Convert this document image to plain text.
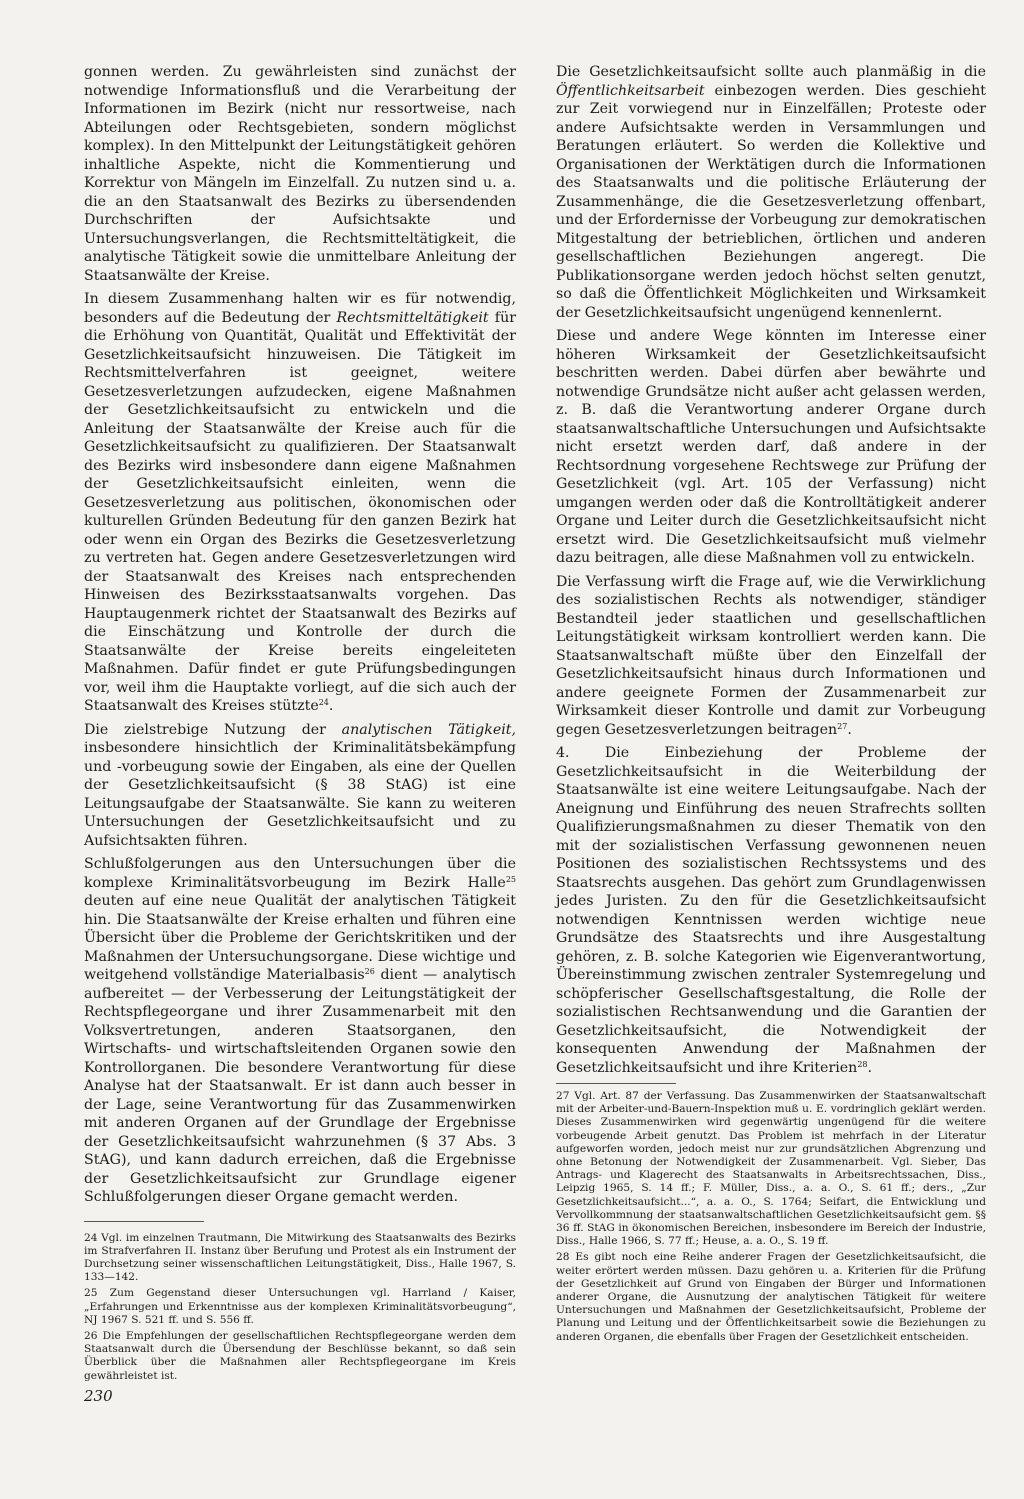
gonnen werden. Zu gewährleisten sind zunächst der notwendige Informationsfluß und die Verarbeitung der Informationen im Bezirk (nicht nur ressortweise, nach Abteilungen oder Rechtsgebieten, sondern möglichst komplex). In den Mittelpunkt der Leitungstätigkeit gehören inhaltliche Aspekte, nicht die Kommentierung und Korrektur von Mängeln im Einzelfall. Zu nutzen sind u. a. die an den Staatsanwalt des Bezirks zu übersendenden Durchschriften der Aufsichtsakte und Untersuchungsverlangen, die Rechtsmitteltätigkeit, die analytische Tätigkeit sowie die unmittelbare Anleitung der Staatsanwälte der Kreise.

In diesem Zusammenhang halten wir es für notwendig, besonders auf die Bedeutung der Rechtsmitteltätigkeit für die Erhöhung von Quantität, Qualität und Effektivität der Gesetzlichkeitsaufsicht hinzuweisen. Die Tätigkeit im Rechtsmittelverfahren ist geeignet, weitere Gesetzesverletzungen aufzudecken, eigene Maßnahmen der Gesetzlichkeitsaufsicht zu entwickeln und die Anleitung der Staatsanwälte der Kreise auch für die Gesetzlichkeitsaufsicht zu qualifizieren. Der Staatsanwalt des Bezirks wird insbesondere dann eigene Maßnahmen der Gesetzlichkeitsaufsicht einleiten, wenn die Gesetzesverletzung aus politischen, ökonomischen oder kulturellen Gründen Bedeutung für den ganzen Bezirk hat oder wenn ein Organ des Bezirks die Gesetzesverletzung zu vertreten hat. Gegen andere Gesetzesverletzungen wird der Staatsanwalt des Kreises nach entsprechenden Hinweisen des Bezirksstaatsanwalts vorgehen. Das Hauptaugenmerk richtet der Staatsanwalt des Bezirks auf die Einschätzung und Kontrolle der durch die Staatsanwälte der Kreise bereits eingeleiteten Maßnahmen. Dafür findet er gute Prüfungsbedingungen vor, weil ihm die Hauptakte vorliegt, auf die sich auch der Staatsanwalt des Kreises stützte$^{24}$.

Die zielstrebige Nutzung der analytischen Tätigkeit, insbesondere hinsichtlich der Kriminalitätsbekämpfung und -vorbeugung sowie der Eingaben, als eine der Quellen der Gesetzlichkeitsaufsicht (§ 38 StAG) ist eine Leitungsaufgabe der Staatsanwälte. Sie kann zu weiteren Untersuchungen der Gesetzlichkeitsaufsicht und zu Aufsichtsakten führen.

Schlußfolgerungen aus den Untersuchungen über die komplexe Kriminalitätsvorbeugung im Bezirk Halle$^{25}$ deuten auf eine neue Qualität der analytischen Tätigkeit hin. Die Staatsanwälte der Kreise erhalten und führen eine Übersicht über die Probleme der Gerichtskritiken und der Maßnahmen der Untersuchungsorgane. Diese wichtige und weitgehend vollständige Materialbasis$^{26}$ dient — analytisch aufbereitet — der Verbesserung der Leitungstätigkeit der Rechtspflegeorgane und ihrer Zusammenarbeit mit den Volksvertretungen, anderen Staatsorganen, den Wirtschafts- und wirtschaftsleitenden Organen sowie den Kontrollorganen. Die besondere Verantwortung für diese Analyse hat der Staatsanwalt. Er ist dann auch besser in der Lage, seine Verantwortung für das Zusammenwirken mit anderen Organen auf der Grundlage der Ergebnisse der Gesetzlichkeitsaufsicht wahrzunehmen (§ 37 Abs. 3 StAG), und kann dadurch erreichen, daß die Ergebnisse der Gesetzlichkeitsaufsicht zur Grundlage eigener Schlußfolgerungen dieser Organe gemacht werden.

24 Vgl. im einzelnen Trautmann, Die Mitwirkung des Staatsanwalts des Bezirks im Strafverfahren II. Instanz über Berufung und Protest als ein Instrument der Durchsetzung seiner wissenschaftlichen Leitungstätigkeit, Diss., Halle 1967, S. 133—142.

25 Zum Gegenstand dieser Untersuchungen vgl. Harrland / Kaiser, „Erfahrungen und Erkenntnisse aus der komplexen Kriminalitätsvorbeugung“, NJ 1967 S. 521 ff. und S. 556 ff.

26 Die Empfehlungen der gesellschaftlichen Rechtspflegeorgane werden dem Staatsanwalt durch die Übersendung der Beschlüsse bekannt, so daß sein Überblick über die Maßnahmen aller Rechtspflegeorgane im Kreis gewährleistet ist.

Die Gesetzlichkeitsaufsicht sollte auch planmäßig in die Öffentlichkeitsarbeit einbezogen werden. Dies geschieht zur Zeit vorwiegend nur in Einzelfällen; Proteste oder andere Aufsichtsakte werden in Versammlungen und Beratungen erläutert. So werden die Kollektive und Organisationen der Werktätigen durch die Informationen des Staatsanwalts und die politische Erläuterung der Zusammenhänge, die die Gesetzesverletzung offenbart, und der Erfordernisse der Vorbeugung zur demokratischen Mitgestaltung der betrieblichen, örtlichen und anderen gesellschaftlichen Beziehungen angeregt. Die Publikationsorgane werden jedoch höchst selten genutzt, so daß die Öffentlichkeit Möglichkeiten und Wirksamkeit der Gesetzlichkeitsaufsicht ungenügend kennenlernt.

Diese und andere Wege könnten im Interesse einer höheren Wirksamkeit der Gesetzlichkeitsaufsicht beschritten werden. Dabei dürfen aber bewährte und notwendige Grundsätze nicht außer acht gelassen werden, z. B. daß die Verantwortung anderer Organe durch staatsanwaltschaftliche Untersuchungen und Aufsichtsakte nicht ersetzt werden darf, daß andere in der Rechtsordnung vorgesehene Rechtswege zur Prüfung der Gesetzlichkeit (vgl. Art. 105 der Verfassung) nicht umgangen werden oder daß die Kontrolltätigkeit anderer Organe und Leiter durch die Gesetzlichkeitsaufsicht nicht ersetzt wird. Die Gesetzlichkeitsaufsicht muß vielmehr dazu beitragen, alle diese Maßnahmen voll zu entwickeln.

Die Verfassung wirft die Frage auf, wie die Verwirklichung des sozialistischen Rechts als notwendiger, ständiger Bestandteil jeder staatlichen und gesellschaftlichen Leitungstätigkeit wirksam kontrolliert werden kann. Die Staatsanwaltschaft müßte über den Einzelfall der Gesetzlichkeitsaufsicht hinaus durch Informationen und andere geeignete Formen der Zusammenarbeit zur Wirksamkeit dieser Kontrolle und damit zur Vorbeugung gegen Gesetzesverletzungen beitragen$^{27}$.

4. Die Einbeziehung der Probleme der Gesetzlichkeitsaufsicht in die Weiterbildung der Staatsanwälte ist eine weitere Leitungsaufgabe. Nach der Aneignung und Einführung des neuen Strafrechts sollten Qualifizierungsmaßnahmen zu dieser Thematik von den mit der sozialistischen Verfassung gewonnenen neuen Positionen des sozialistischen Rechtssystems und des Staatsrechts ausgehen. Das gehört zum Grundlagenwissen jedes Juristen. Zu den für die Gesetzlichkeitsaufsicht notwendigen Kenntnissen werden wichtige neue Grundsätze des Staatsrechts und ihre Ausgestaltung gehören, z. B. solche Kategorien wie Eigenverantwortung, Übereinstimmung zwischen zentraler Systemregelung und schöpferischer Gesellschaftsgestaltung, die Rolle der sozialistischen Rechtsanwendung und die Garantien der Gesetzlichkeitsaufsicht, die Notwendigkeit der konsequenten Anwendung der Maßnahmen der Gesetzlichkeitsaufsicht und ihre Kriterien$^{28}$.

27 Vgl. Art. 87 der Verfassung. Das Zusammenwirken der Staatsanwaltschaft mit der Arbeiter-und-Bauern-Inspektion muß u. E. vordringlich geklärt werden. Dieses Zusammenwirken wird gegenwärtig ungenügend für die weitere vorbeugende Arbeit genutzt. Das Problem ist mehrfach in der Literatur aufgeworfen worden, jedoch meist nur zur grundsätzlichen Abgrenzung und ohne Betonung der Notwendigkeit der Zusammenarbeit. Vgl. Sieber, Das Antrags- und Klagerecht des Staatsanwalts in Arbeitsrechtssachen, Diss., Leipzig 1965, S. 14 ff.; F. Müller, Diss., a. a. O., S. 61 ff.; ders., „Zur Gesetzlichkeitsaufsicht...“, a. a. O., S. 1764; Seifart, die Entwicklung und Vervollkommnung der staatsanwaltschaftlichen Gesetzlichkeitsaufsicht gem. §§ 36 ff. StAG in ökonomischen Bereichen, insbesondere im Bereich der Industrie, Diss., Halle 1966, S. 77 ff.; Heuse, a. a. O., S. 19 ff.

28 Es gibt noch eine Reihe anderer Fragen der Gesetzlichkeitsaufsicht, die weiter erörtert werden müssen. Dazu gehören u. a. Kriterien für die Prüfung der Gesetzlichkeit auf Grund von Eingaben der Bürger und Informationen anderer Organe, die Ausnutzung der analytischen Tätigkeit für weitere Untersuchungen und Maßnahmen der Gesetzlichkeitsaufsicht, Probleme der Planung und Leitung und der Öffentlichkeitsarbeit sowie die Beziehungen zu anderen Organen, die ebenfalls über Fragen der Gesetzlichkeit entscheiden.

230
